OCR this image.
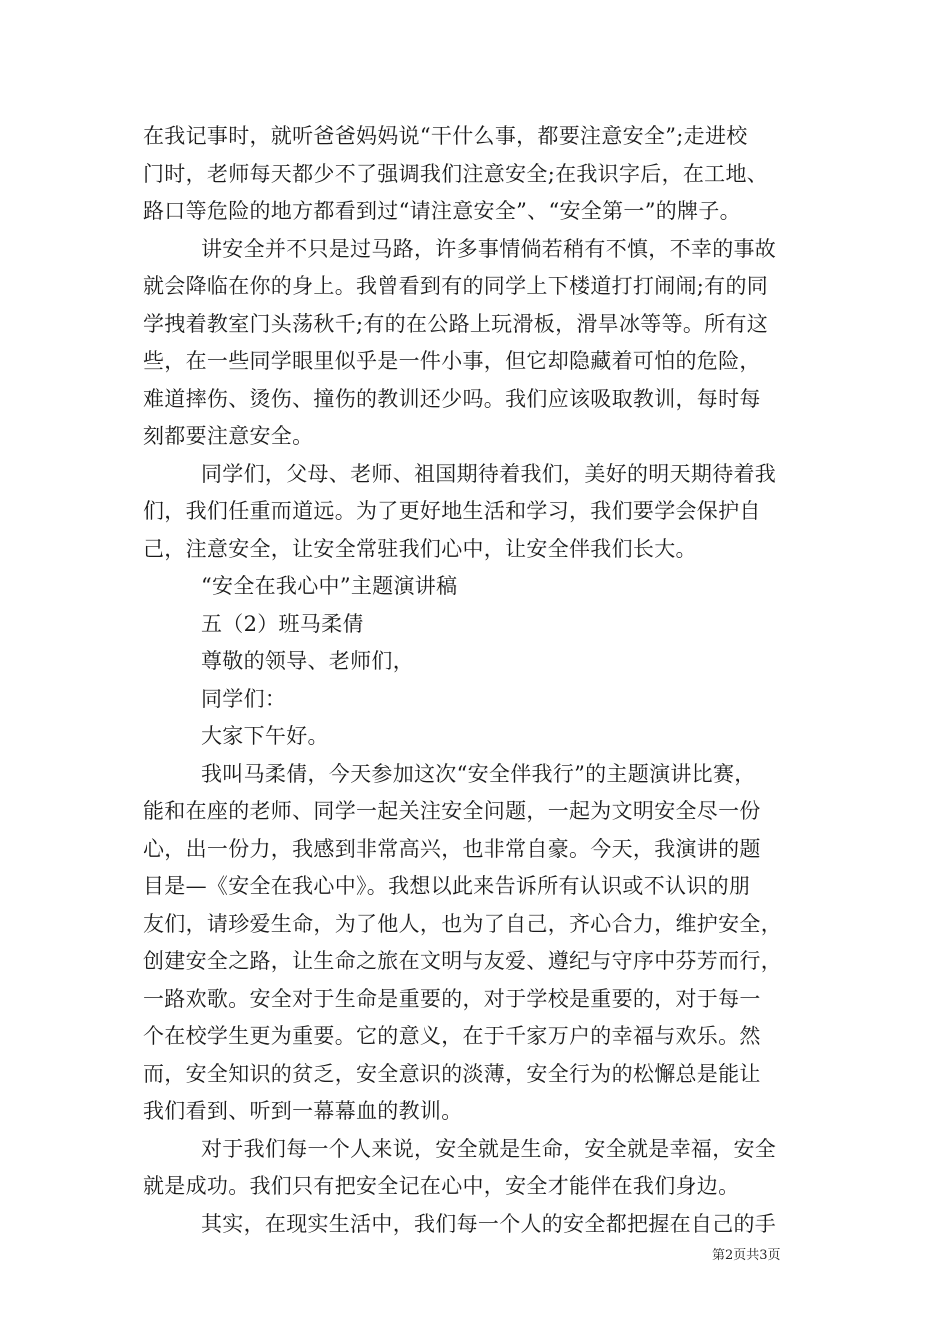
在我记事时，就听爸爸妈妈说“干什么事，都要注意安全”;走进校
门时，老师每天都少不了强调我们注意安全;在我识字后，在工地、
路口等危险的地方都看到过“请注意安全”、“安全第一”的牌子。
讲安全并不只是过马路，许多事情倘若稍有不慎，不幸的事故
就会降临在你的身上。我曾看到有的同学上下楼道打打闹闹;有的同
学拽着教室门头荡秋千;有的在公路上玩滑板，滑旱冰等等。所有这
些，在一些同学眼里似乎是一件小事，但它却隐藏着可怕的危险，
难道摔伤、烫伤、撞伤的教训还少吗。我们应该吸取教训，每时每
刻都要注意安全。
同学们，父母、老师、祖国期待着我们，美好的明天期待着我
们，我们任重而道远。为了更好地生活和学习，我们要学会保护自
己，注意安全，让安全常驻我们心中，让安全伴我们长大。
“安全在我心中”主题演讲稿
五（2）班马柔倩
尊敬的领导、老师们，
同学们：
大家下午好。
我叫马柔倩，今天参加这次“安全伴我行”的主题演讲比赛，
能和在座的老师、同学一起关注安全问题，一起为文明安全尽一份
心，出一份力，我感到非常高兴，也非常自豪。今天，我演讲的题
目是—《安全在我心中》。我想以此来告诉所有认识或不认识的朋
友们，请珍爱生命，为了他人，也为了自己，齐心合力，维护安全，
创建安全之路，让生命之旅在文明与友爱、遵纪与守序中芬芳而行，
一路欢歌。安全对于生命是重要的，对于学校是重要的，对于每一
个在校学生更为重要。它的意义，在于千家万户的幸福与欢乐。然
而，安全知识的贫乏，安全意识的淡薄，安全行为的松懈总是能让
我们看到、听到一幕幕血的教训。
对于我们每一个人来说，安全就是生命，安全就是幸福，安全
就是成功。我们只有把安全记在心中，安全才能伴在我们身边。
其实，在现实生活中，我们每一个人的安全都把握在自己的手
第2页共3页
